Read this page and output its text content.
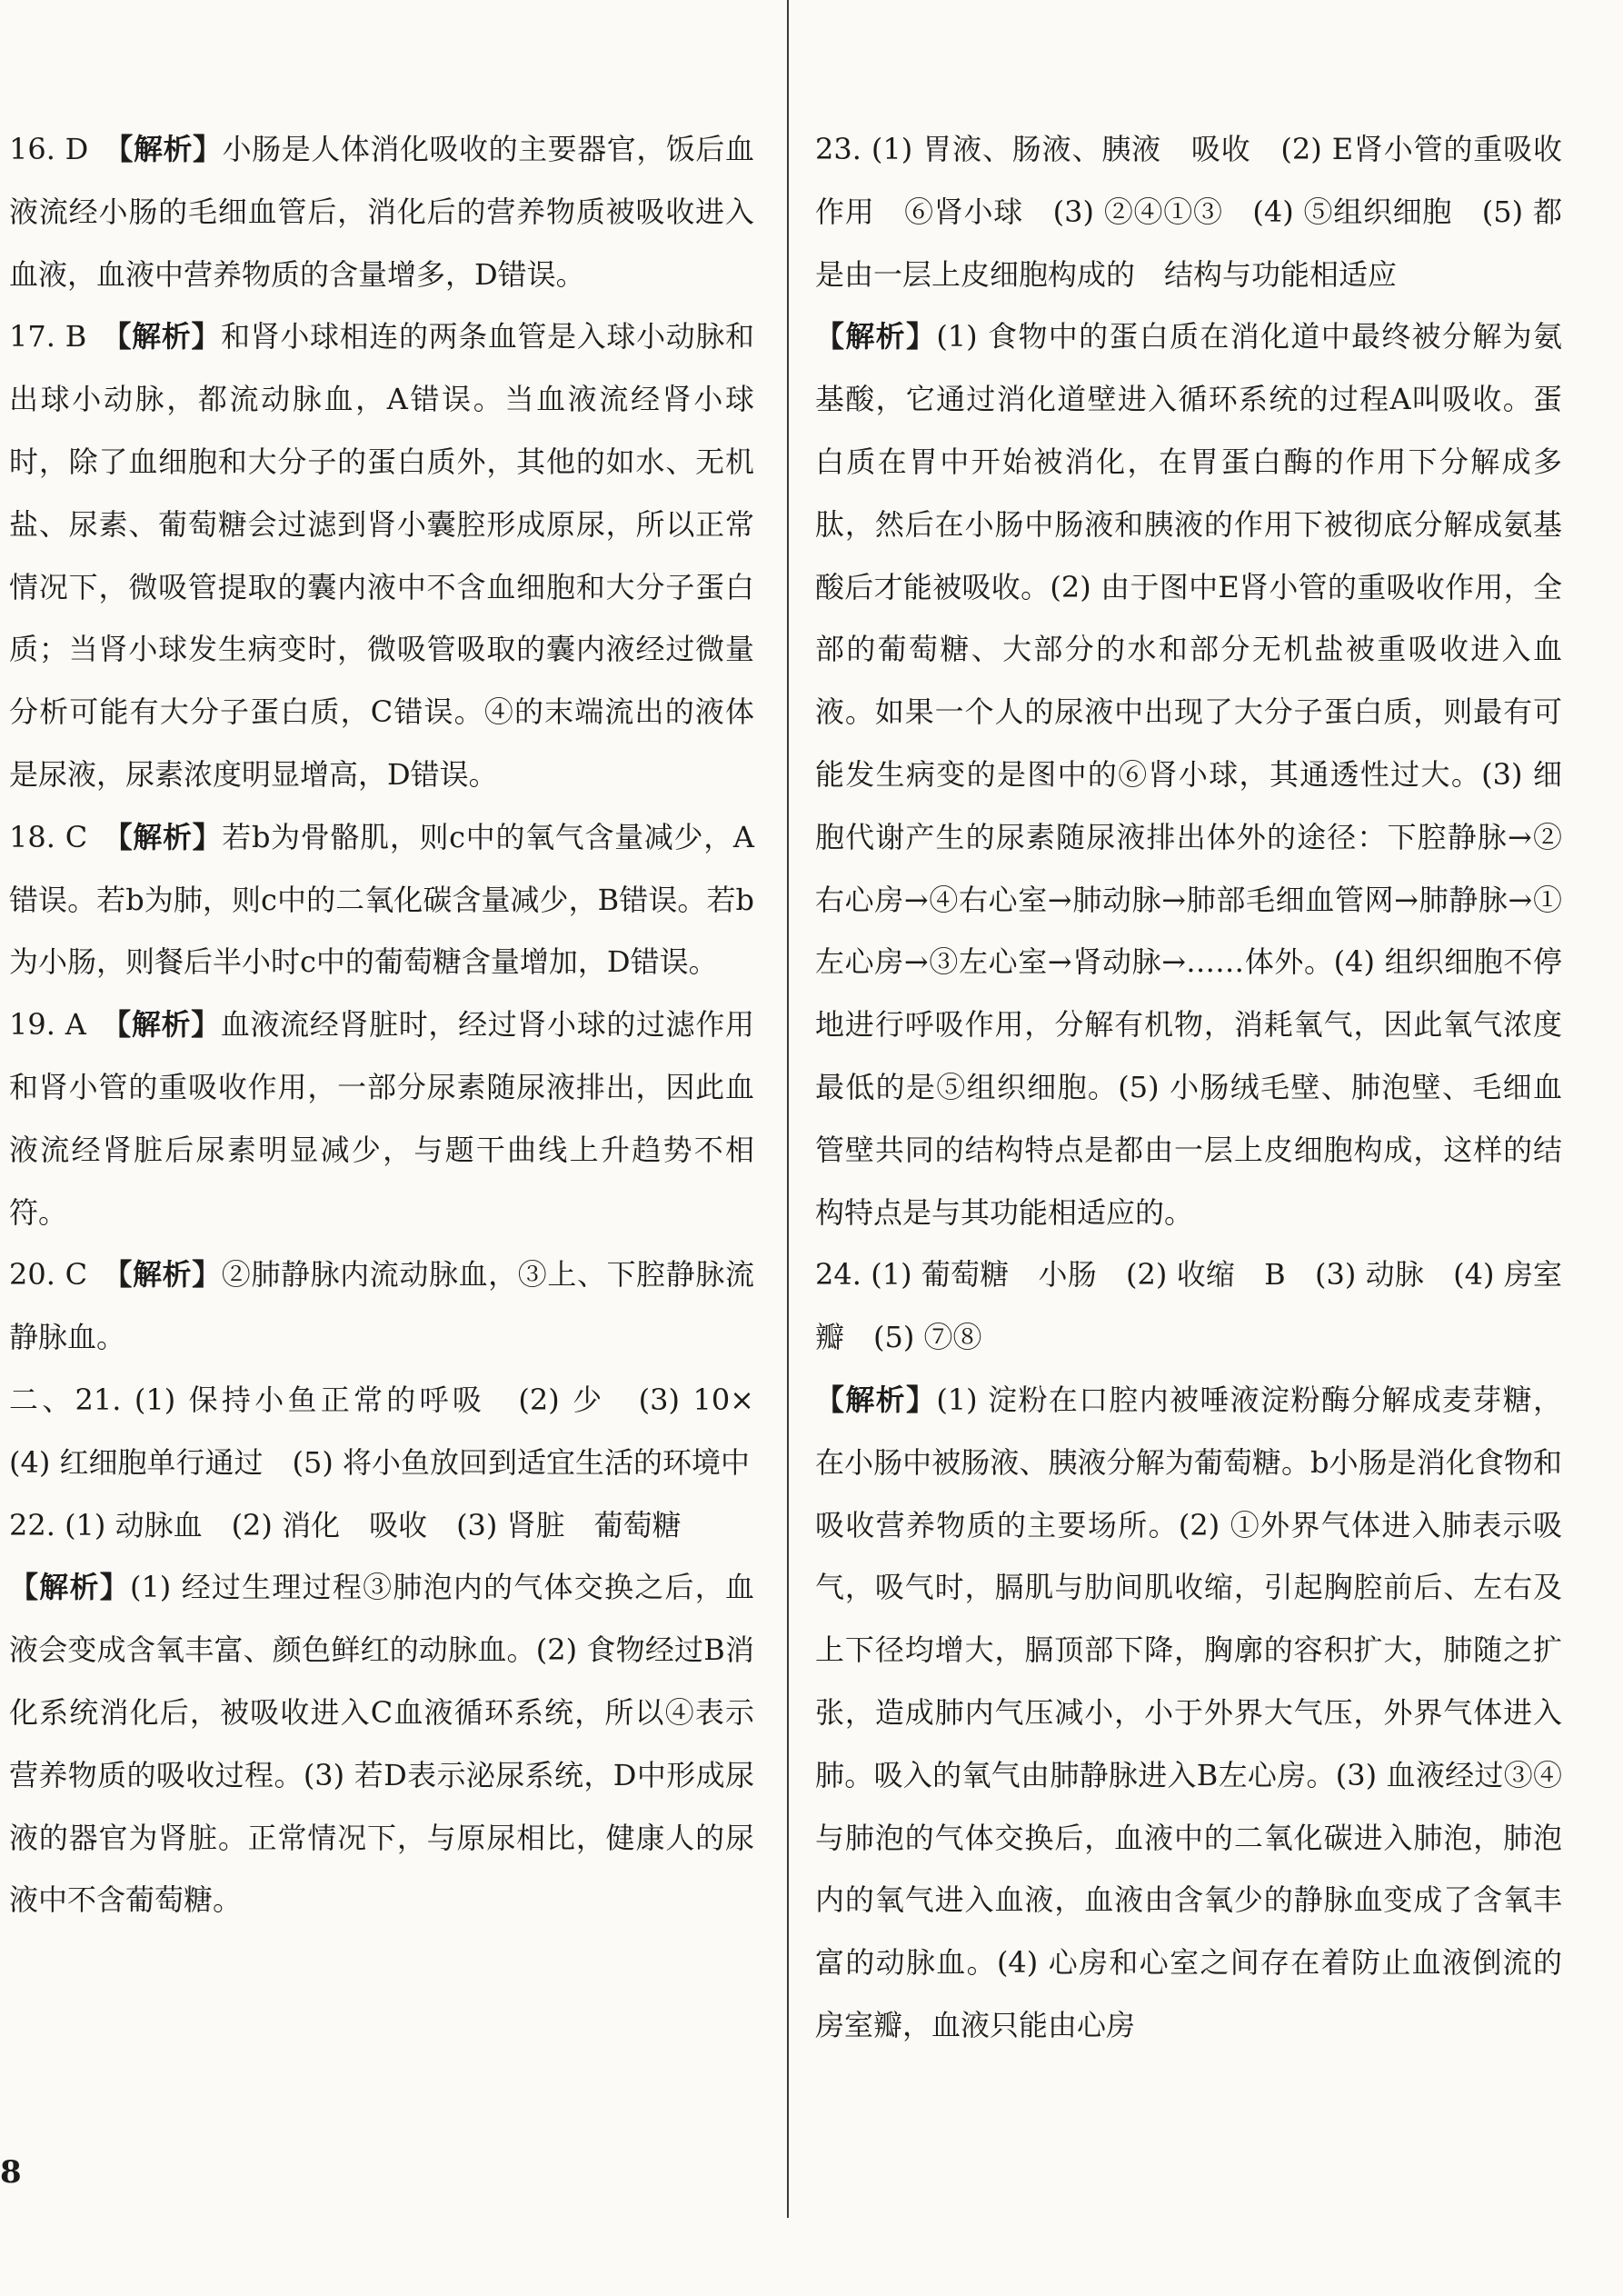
16. D　 【解析】小肠是人体消化吸收的主要器官，饭后血液流经小肠的毛细血管后，消化后的营养物质被吸收进入血液，血液中营养物质的含量增多，D错误。

17. B　 【解析】和肾小球相连的两条血管是入球小动脉和出球小动脉，都流动脉血，A错误。当血液流经肾小球时，除了血细胞和大分子的蛋白质外，其他的如水、无机盐、尿素、葡萄糖会过滤到肾小囊腔形成原尿，所以正常情况下，微吸管提取的囊内液中不含血细胞和大分子蛋白质；当肾小球发生病变时，微吸管吸取的囊内液经过微量分析可能有大分子蛋白质，C错误。④的末端流出的液体是尿液，尿素浓度明显增高，D错误。

18. C　 【解析】若b为骨骼肌，则c中的氧气含量减少，A错误。若b为肺，则c中的二氧化碳含量减少，B错误。若b为小肠，则餐后半小时c中的葡萄糖含量增加，D错误。

19. A　 【解析】血液流经肾脏时，经过肾小球的过滤作用和肾小管的重吸收作用，一部分尿素随尿液排出，因此血液流经肾脏后尿素明显减少，与题干曲线上升趋势不相符。

20. C　 【解析】②肺静脉内流动脉血，③上、下腔静脉流静脉血。

二、21. (1) 保持小鱼正常的呼吸　(2) 少　(3) 10×　(4) 红细胞单行通过　(5) 将小鱼放回到适宜生活的环境中

22. (1) 动脉血　(2) 消化　吸收　(3) 肾脏　葡萄糖

【解析】(1) 经过生理过程③肺泡内的气体交换之后，血液会变成含氧丰富、颜色鲜红的动脉血。(2) 食物经过B消化系统消化后，被吸收进入C血液循环系统，所以④表示营养物质的吸收过程。(3) 若D表示泌尿系统，D中形成尿液的器官为肾脏。正常情况下，与原尿相比，健康人的尿液中不含葡萄糖。

23. (1) 胃液、肠液、胰液　吸收　(2) E肾小管的重吸收作用　⑥肾小球　(3) ②④①③　(4) ⑤组织细胞　(5) 都是由一层上皮细胞构成的　结构与功能相适应

【解析】(1) 食物中的蛋白质在消化道中最终被分解为氨基酸，它通过消化道壁进入循环系统的过程A叫吸收。蛋白质在胃中开始被消化，在胃蛋白酶的作用下分解成多肽，然后在小肠中肠液和胰液的作用下被彻底分解成氨基酸后才能被吸收。(2) 由于图中E肾小管的重吸收作用，全部的葡萄糖、大部分的水和部分无机盐被重吸收进入血液。如果一个人的尿液中出现了大分子蛋白质，则最有可能发生病变的是图中的⑥肾小球，其通透性过大。(3) 细胞代谢产生的尿素随尿液排出体外的途径：下腔静脉→②右心房→④右心室→肺动脉→肺部毛细血管网→肺静脉→①左心房→③左心室→肾动脉→……体外。(4) 组织细胞不停地进行呼吸作用，分解有机物，消耗氧气，因此氧气浓度最低的是⑤组织细胞。(5) 小肠绒毛壁、肺泡壁、毛细血管壁共同的结构特点是都由一层上皮细胞构成，这样的结构特点是与其功能相适应的。

24. (1) 葡萄糖　小肠　(2) 收缩　B　(3) 动脉　(4) 房室瓣　(5) ⑦⑧

【解析】(1) 淀粉在口腔内被唾液淀粉酶分解成麦芽糖，在小肠中被肠液、胰液分解为葡萄糖。b小肠是消化食物和吸收营养物质的主要场所。(2) ①外界气体进入肺表示吸气，吸气时，膈肌与肋间肌收缩，引起胸腔前后、左右及上下径均增大，膈顶部下降，胸廓的容积扩大，肺随之扩张，造成肺内气压减小，小于外界大气压，外界气体进入肺。吸入的氧气由肺静脉进入B左心房。(3) 血液经过③④与肺泡的气体交换后，血液中的二氧化碳进入肺泡，肺泡内的氧气进入血液，血液由含氧少的静脉血变成了含氧丰富的动脉血。(4) 心房和心室之间存在着防止血液倒流的房室瓣，血液只能由心房

8
